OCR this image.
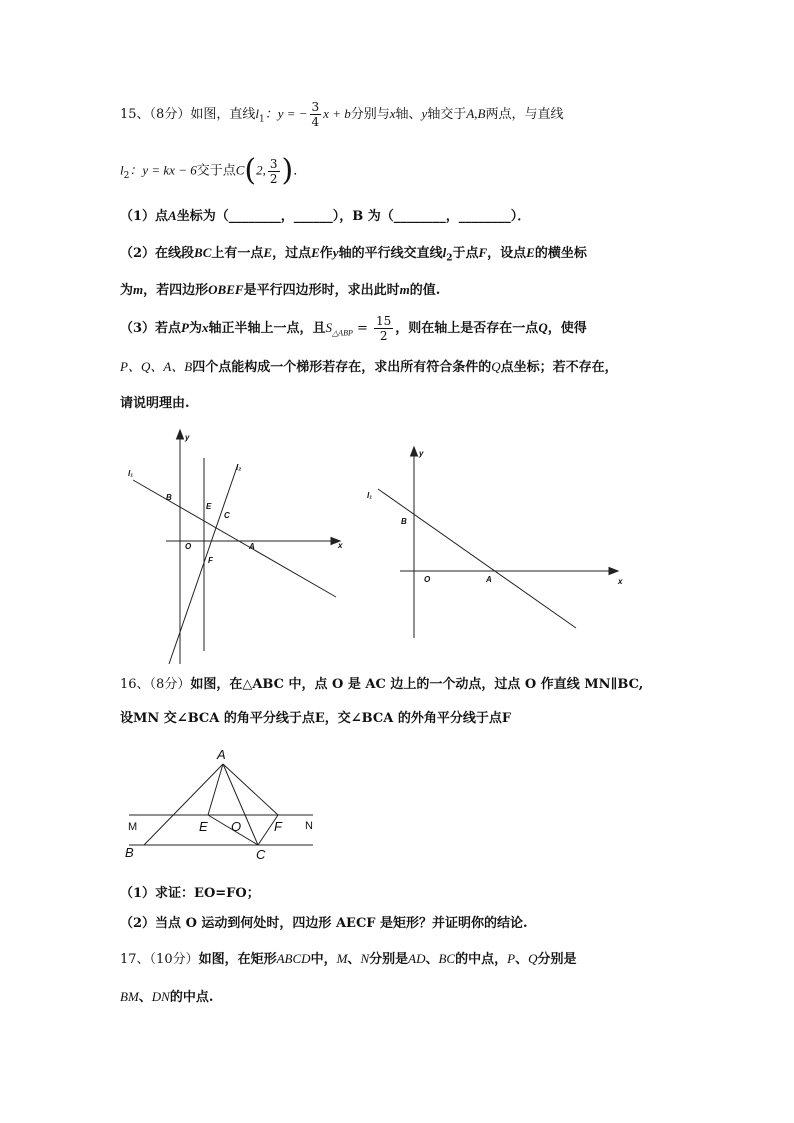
15、（8分）如图，直线$l_1$：y = − $\frac{3}{4}$ x + b分别与x轴、y轴交于A,B两点，与直线
$l_2$：y = kx − 6交于点C(2, $\frac{3}{2}$ )．
（1）点A坐标为（________，______），B 为（________，________）．
（2）在线段BC上有一点E，过点E作y轴的平行线交直线$l_2$于点F，设点E的横坐标
为m，若四边形OBEF是平行四边形时，求出此时m的值.
（3）若点P为x轴正半轴上一点，且$S_{\triangle ABP} = \frac{15}{2}$ ，则在轴上是否存在一点Q，使得
P、Q、A、B四个点能构成一个梯形若存在，求出所有符合条件的Q点坐标；若不存在，
请说明理由.
y
x
l₁
l₂
B
E
C
O	A
F
y
x
l₁
B
O	A
A
M	E O	F N
B	C
16、（8分）如图，在△ABC 中，点 O 是 AC 边上的一个动点，过点 O 作直线 MN∥BC,
设MN 交∠BCA 的角平分线于点E，交∠BCA 的外角平分线于点F
（1）求证：EO=FO；
（2）当点 O 运动到何处时，四边形 AECF 是矩形？并证明你的结论.
17、（10分）如图，在矩形ABCD中，M、N分别是AD、BC的中点，P、Q分别是
BM、DN的中点.
